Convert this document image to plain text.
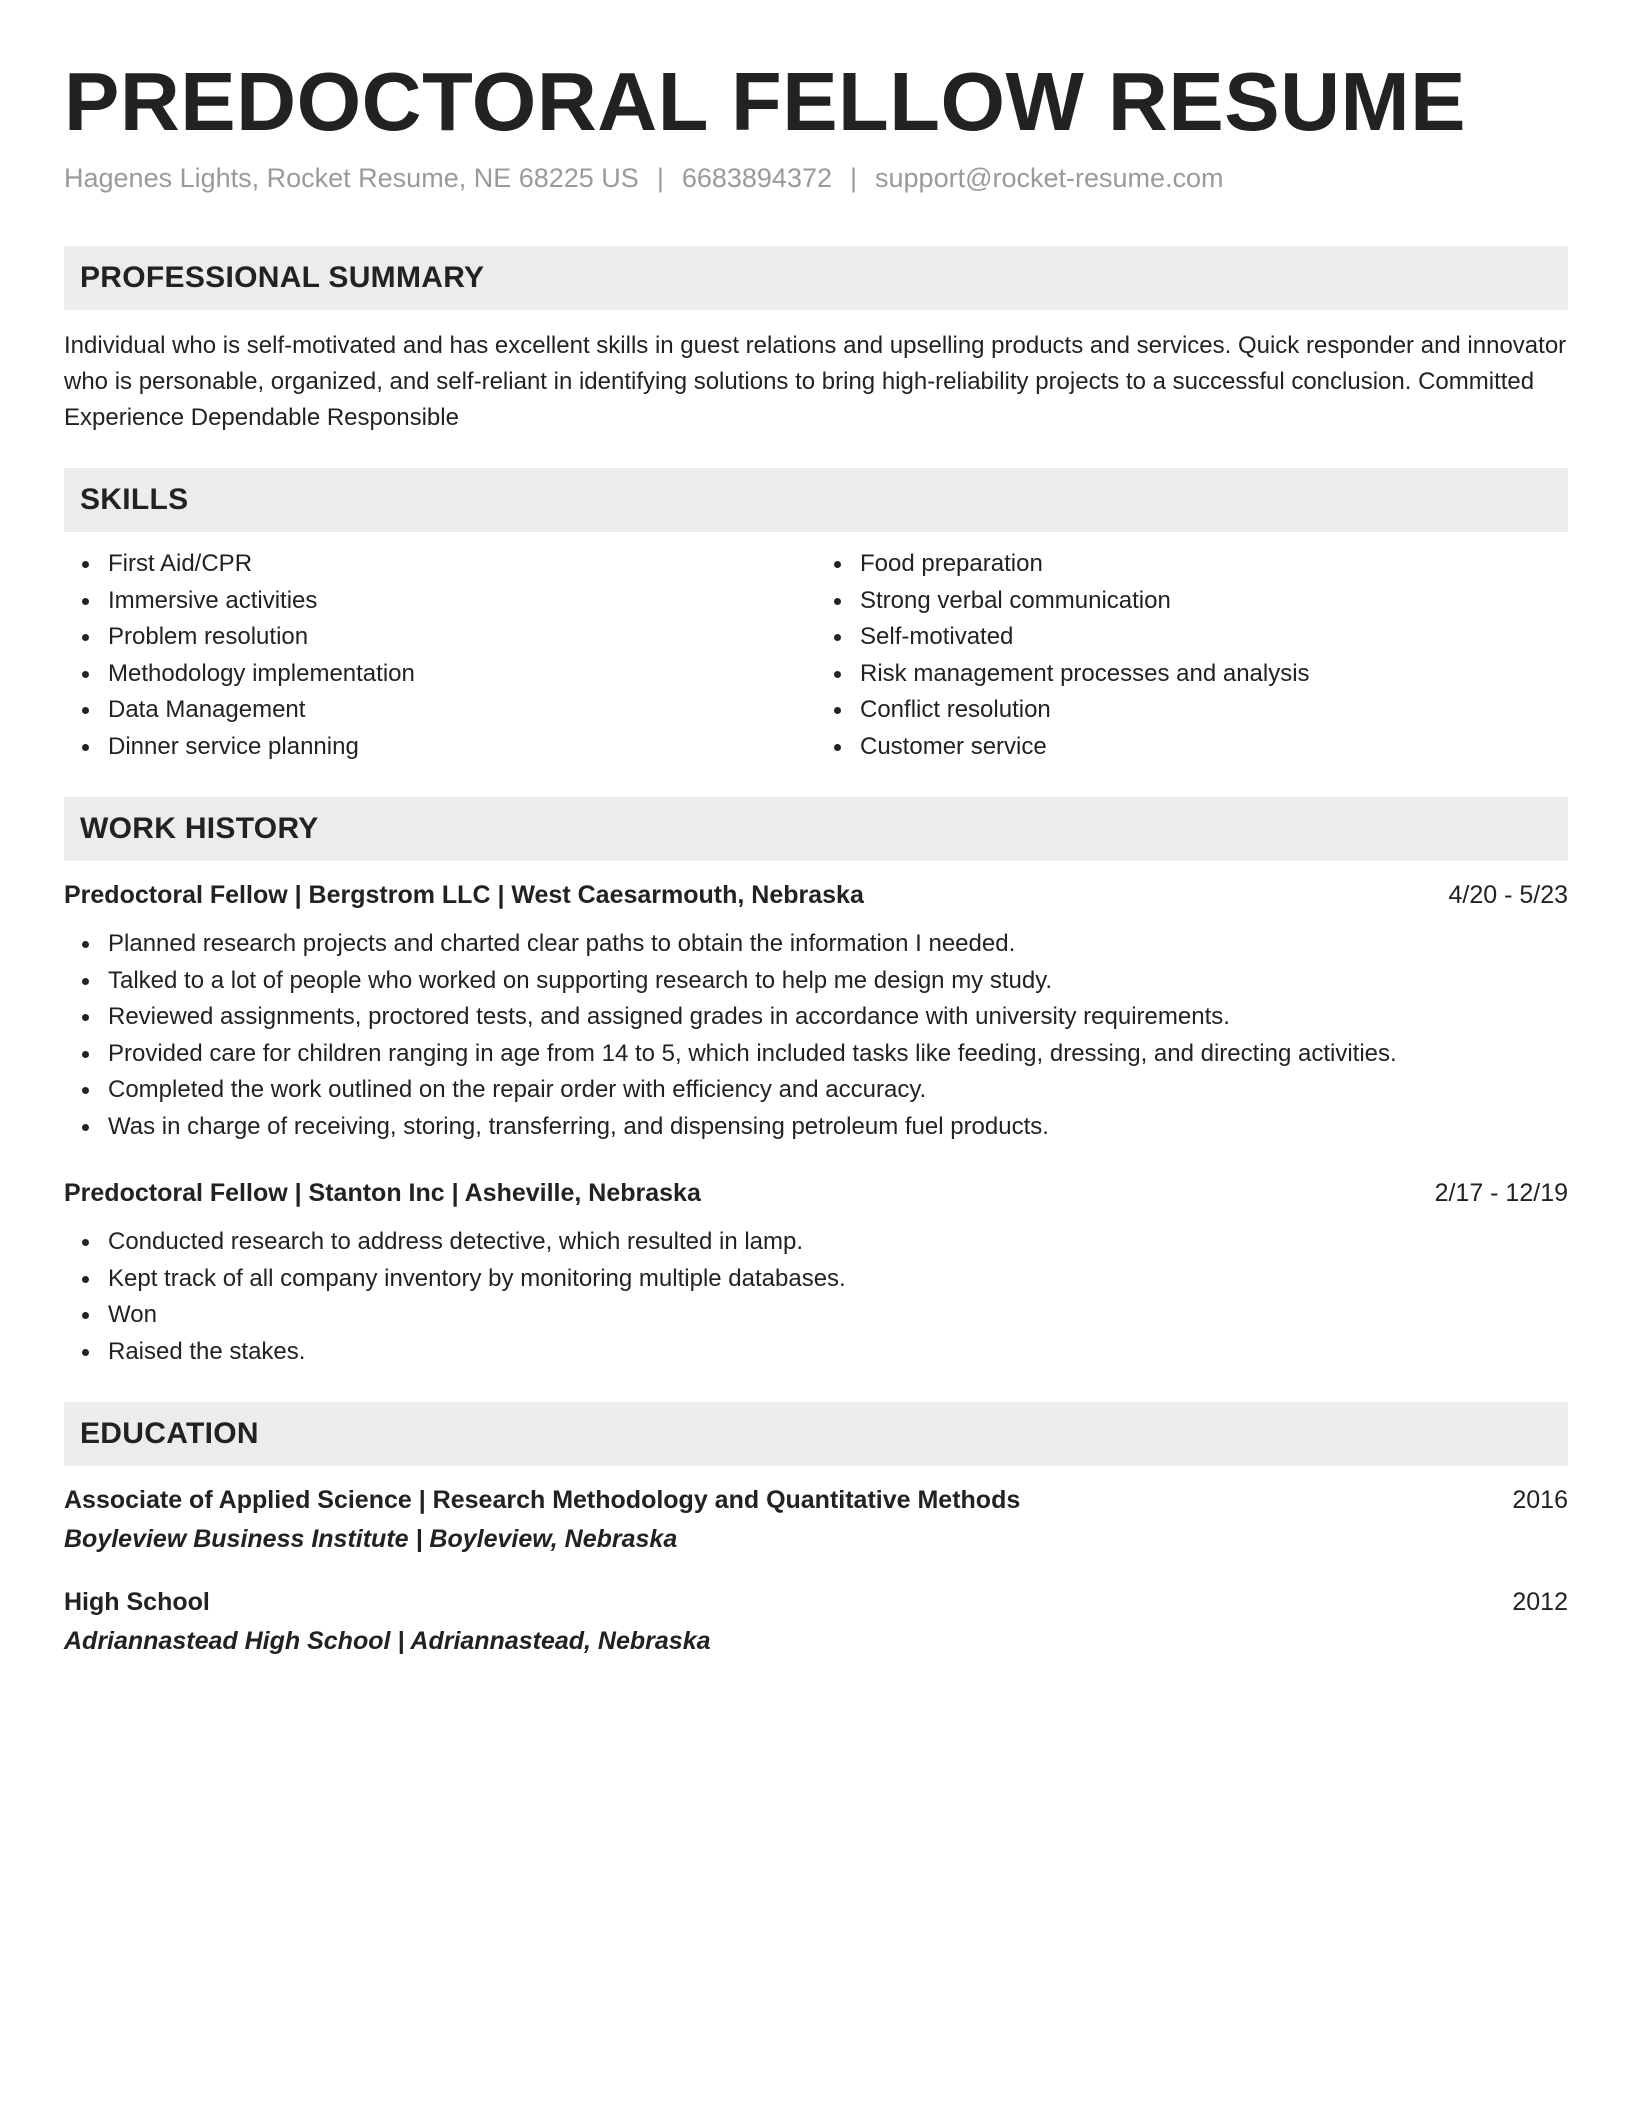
PREDOCTORAL FELLOW RESUME
Hagenes Lights, Rocket Resume, NE 68225 US | 6683894372 | support@rocket-resume.com
PROFESSIONAL SUMMARY
Individual who is self-motivated and has excellent skills in guest relations and upselling products and services. Quick responder and innovator who is personable, organized, and self-reliant in identifying solutions to bring high-reliability projects to a successful conclusion. Committed Experience Dependable Responsible
SKILLS
First Aid/CPR
Immersive activities
Problem resolution
Methodology implementation
Data Management
Dinner service planning
Food preparation
Strong verbal communication
Self-motivated
Risk management processes and analysis
Conflict resolution
Customer service
WORK HISTORY
Predoctoral Fellow | Bergstrom LLC | West Caesarmouth, Nebraska	4/20 - 5/23
Planned research projects and charted clear paths to obtain the information I needed.
Talked to a lot of people who worked on supporting research to help me design my study.
Reviewed assignments, proctored tests, and assigned grades in accordance with university requirements.
Provided care for children ranging in age from 14 to 5, which included tasks like feeding, dressing, and directing activities.
Completed the work outlined on the repair order with efficiency and accuracy.
Was in charge of receiving, storing, transferring, and dispensing petroleum fuel products.
Predoctoral Fellow | Stanton Inc | Asheville, Nebraska	2/17 - 12/19
Conducted research to address detective, which resulted in lamp.
Kept track of all company inventory by monitoring multiple databases.
Won
Raised the stakes.
EDUCATION
Associate of Applied Science | Research Methodology and Quantitative Methods	2016
Boyleview Business Institute | Boyleview, Nebraska
High School	2012
Adriannastead High School | Adriannastead, Nebraska
